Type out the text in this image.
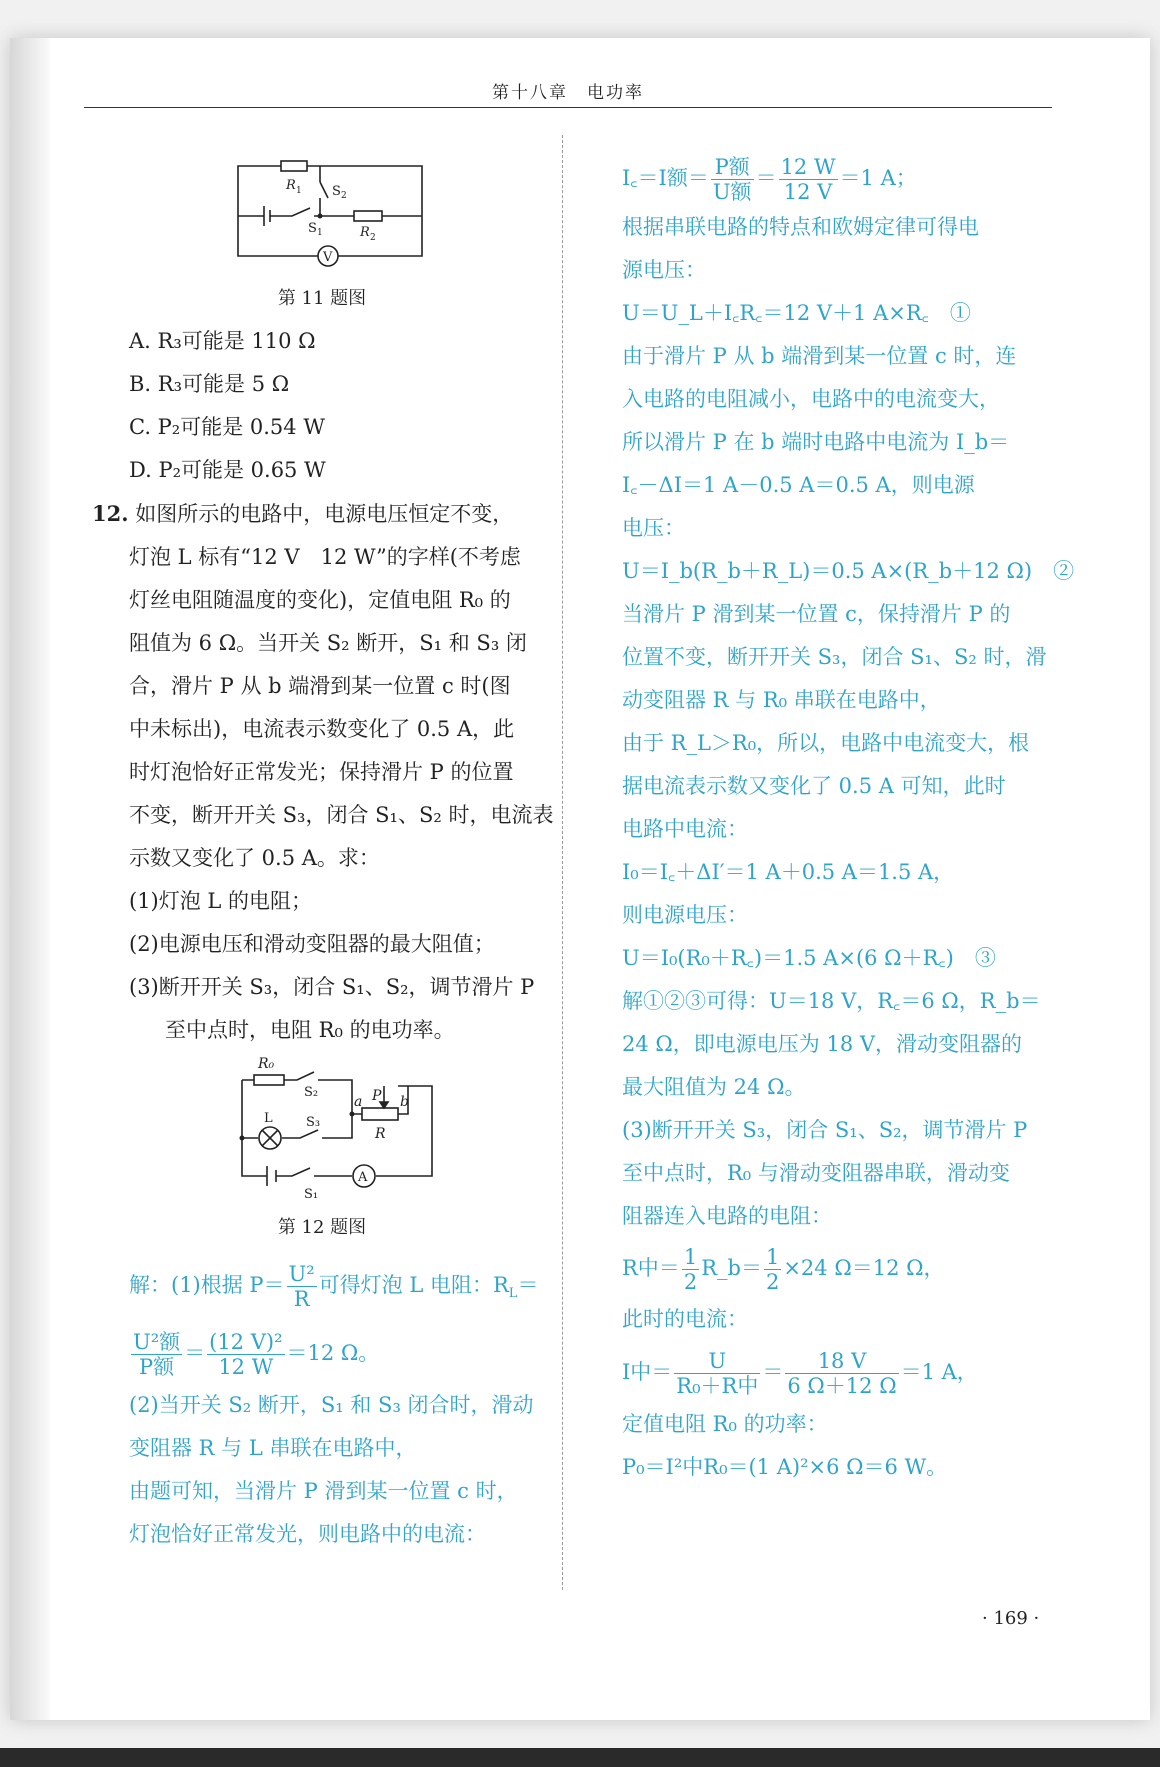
第十八章　电功率
R 1 S 2
S 1	R 2
V
第 11 题图
A. R₃可能是 110 Ω
B. R₃可能是 5 Ω
C. P₂可能是 0.54 W
D. P₂可能是 0.65 W
12. 如图所示的电路中，电源电压恒定不变，
灯泡 L 标有“12 V　12 W”的字样(不考虑
灯丝电阻随温度的变化)，定值电阻 R₀ 的
阻值为 6 Ω。当开关 S₂ 断开，S₁ 和 S₃ 闭
合，滑片 P 从 b 端滑到某一位置 c 时(图
中未标出)，电流表示数变化了 0.5 A，此
时灯泡恰好正常发光；保持滑片 P 的位置
不变，断开开关 S₃，闭合 S₁、S₂ 时，电流表
示数又变化了 0.5 A。求：
(1)灯泡 L 的电阻；
(2)电源电压和滑动变阻器的最大阻值；
(3)断开开关 S₃，闭合 S₁、S₂，调节滑片 P
至中点时，电阻 R₀ 的电功率。
R₀
S₂
L	S₃
a P b
R
S₁
A
第 12 题图
解：(1)根据 $P= \frac{\text{U²}}{R}$ 可得灯泡 L 电阻：$R_L=$
$\frac{\text{U²额}}{\text{P额}} = \frac{\text{(12 V)²}}{12 W} =12$ Ω。
(2)当开关 S₂ 断开，S₁ 和 S₃ 闭合时，滑动
变阻器 R 与 L 串联在电路中，
由题可知，当滑片 P 滑到某一位置 c 时，
灯泡恰好正常发光，则电路中的电流：
I꜀＝I额＝ $\frac{\text{P额}}{\text{U额}} = \frac{12 W}{12 V} =1$ A；
根据串联电路的特点和欧姆定律可得电
源电压：
U＝U_L＋I꜀R꜀＝12 V＋1 A×R꜀　①
由于滑片 P 从 b 端滑到某一位置 c 时，连
入电路的电阻减小，电路中的电流变大，
所以滑片 P 在 b 端时电路中电流为 I_b＝
I꜀－ΔI＝1 A－0.5 A＝0.5 A，则电源
电压：
U＝I_b(R_b＋R_L)＝0.5 A×(R_b＋12 Ω)　②
当滑片 P 滑到某一位置 c，保持滑片 P 的
位置不变，断开开关 S₃，闭合 S₁、S₂ 时，滑
动变阻器 R 与 R₀ 串联在电路中，
由于 R_L＞R₀，所以，电路中电流变大，根
据电流表示数又变化了 0.5 A 可知，此时
电路中电流：
I₀＝I꜀＋ΔI′＝1 A＋0.5 A＝1.5 A，
则电源电压：
U＝I₀(R₀＋R꜀)＝1.5 A×(6 Ω＋R꜀)　③
解①②③可得：U＝18 V，R꜀＝6 Ω，R_b＝
24 Ω，即电源电压为 18 V，滑动变阻器的
最大阻值为 24 Ω。
(3)断开开关 S₃，闭合 S₁、S₂，调节滑片 P
至中点时，R₀ 与滑动变阻器串联，滑动变
阻器连入电路的电阻：
R中＝ $\frac{1}{2}$ R_b＝ $\frac{1}{2} \times 24$ Ω＝12 Ω，
此时的电流：
I中＝ $\frac{U}{\text{R₀＋R中}} = \frac{18 V}{6 \Omega+12 \Omega} =1$ A，
定值电阻 R₀ 的功率：
P₀＝I²中R₀＝(1 A)²×6 Ω＝6 W。
· 169 ·
